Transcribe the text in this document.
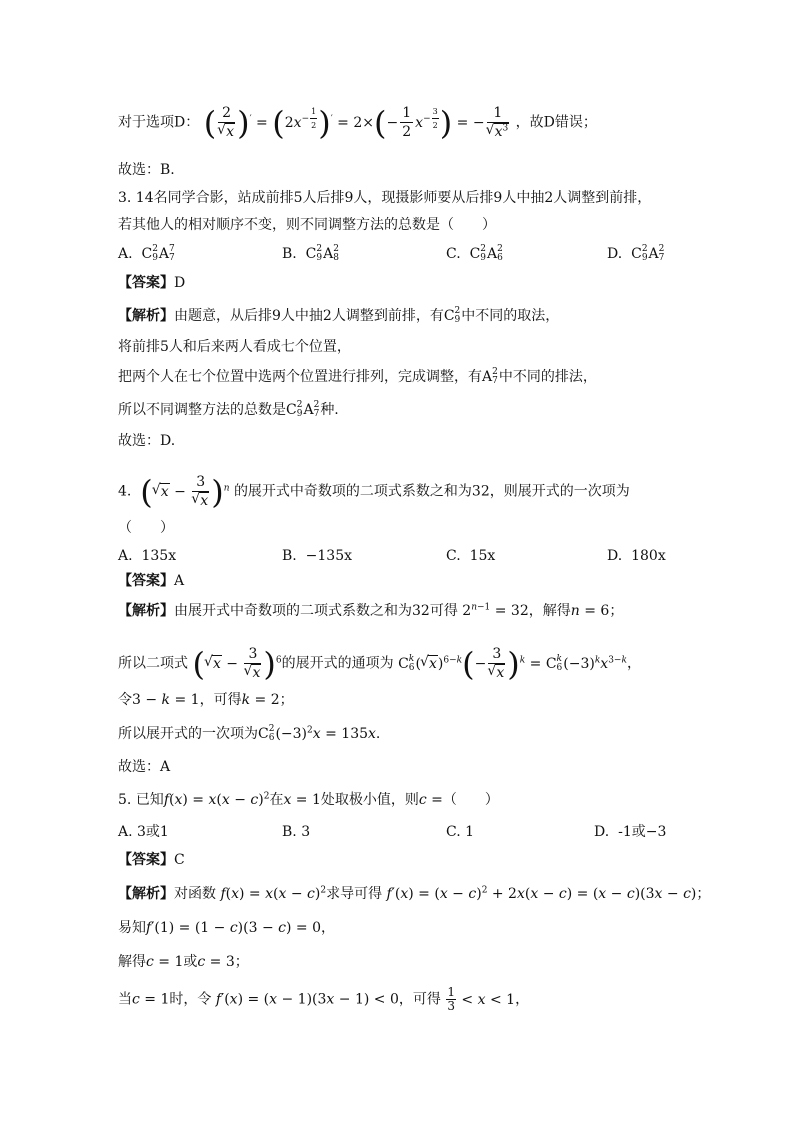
对于选项D： ( 2
√ x )$' = (2x^{- \frac{1}{2}}$ )$' = 2\times(- \frac{1}{2} x^{- \frac{3}{2}}$ ) = − 1
√ $x^3$ ，故D错误；
故选：B.
3. 14名同学合影，站成前排5人后排9人，现摄影师要从后排9人中抽2人调整到前排，
若其他人的相对顺序不变，则不同调整方法的总数是（　　）
A. C 2
9 A 7
7	B. C 2
9 A 2
8	C. C 2
9 A 2
6	D. C 2
9 A 2
7
【答案】D
【解析】由题意，从后排9人中抽2人调整到前排，有C 2
9 中不同的取法，
将前排5人和后来两人看成七个位置，
把两个人在七个位置中选两个位置进行排列，完成调整，有A 2
7 中不同的排法，
所以不同调整方法的总数是C 2
9 A 2
7 种.
故选：D.
4. ( √ x − 3
√ x )$^n$ 的展开式中奇数项的二项式系数之和为32，则展开式的一次项为
（　　）
A. 135x	B. −135x	C. 15x	D. 180x
【答案】A
【解析】由展开式中奇数项的二项式系数之和为32可得 $2^{n-1} = 32$，解得n = 6；
所以二项式 ( √ x − 3
√ x )$^6$的展开式的通项为 C k
6 ( √ x)$^{6-k}$(− 3
√ x )$^k$ = C k
6 $(-3)^kx^{3-k}$，
令3 − k = 1，可得k = 2；
所以展开式的一次项为C 2
6 $(-3)^2x = 135x$.
故选：A
5. 已知$f(x) = x(x - c)^2$在x = 1处取极小值，则c =（　　）
A. 3或1	B. 3	C. 1	D. -1或−3
【答案】C
【解析】对函数 $f(x) = x(x - c)^2$求导可得 $f'(x) = (x - c)^2 + 2x(x - c) = (x - c)(3x - c)$；
易知f′(1) = (1 − c)(3 − c) = 0，
解得c = 1或c = 3；
当c = 1时，令 f′(x) = (x − 1)(3x − 1) < 0，可得 $\frac{1}{3} < x < 1$，
